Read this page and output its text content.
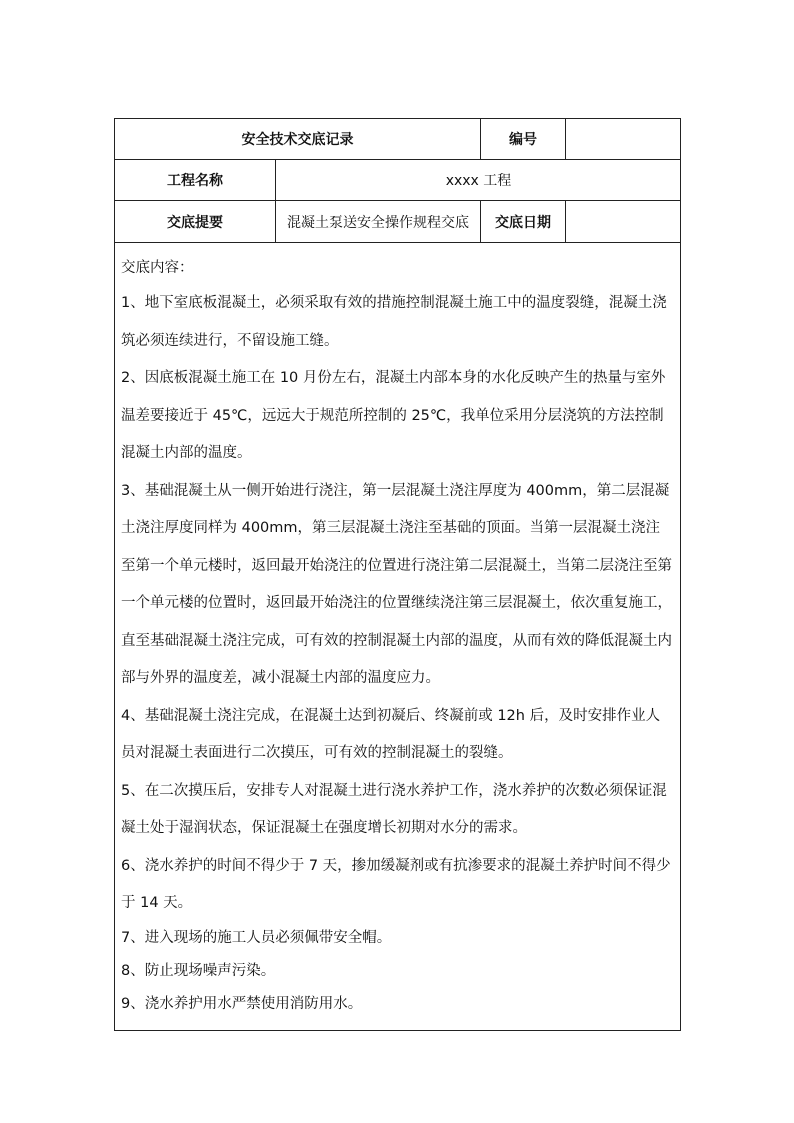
安全技术交底记录	编号
工程名称	xxxx 工程
交底提要	混凝土泵送安全操作规程交底	交底日期

交底内容：

1、地下室底板混凝土，必须采取有效的措施控制混凝土施工中的温度裂缝，混凝土浇筑必须连续进行，不留设施工缝。

2、因底板混凝土施工在 10 月份左右，混凝土内部本身的水化反映产生的热量与室外温差要接近于 45℃，远远大于规范所控制的 25℃，我单位采用分层浇筑的方法控制混凝土内部的温度。

3、基础混凝土从一侧开始进行浇注，第一层混凝土浇注厚度为 400mm，第二层混凝土浇注厚度同样为 400mm，第三层混凝土浇注至基础的顶面。当第一层混凝土浇注至第一个单元楼时，返回最开始浇注的位置进行浇注第二层混凝土，当第二层浇注至第一个单元楼的位置时，返回最开始浇注的位置继续浇注第三层混凝土，依次重复施工，直至基础混凝土浇注完成，可有效的控制混凝土内部的温度，从而有效的降低混凝土内部与外界的温度差，减小混凝土内部的温度应力。

4、基础混凝土浇注完成，在混凝土达到初凝后、终凝前或 12h 后，及时安排作业人员对混凝土表面进行二次摸压，可有效的控制混凝土的裂缝。

5、在二次摸压后，安排专人对混凝土进行浇水养护工作，浇水养护的次数必须保证混凝土处于湿润状态，保证混凝土在强度增长初期对水分的需求。

6、浇水养护的时间不得少于 7 天，掺加缓凝剂或有抗渗要求的混凝土养护时间不得少于 14 天。

7、进入现场的施工人员必须佩带安全帽。

8、防止现场噪声污染。

9、浇水养护用水严禁使用消防用水。
